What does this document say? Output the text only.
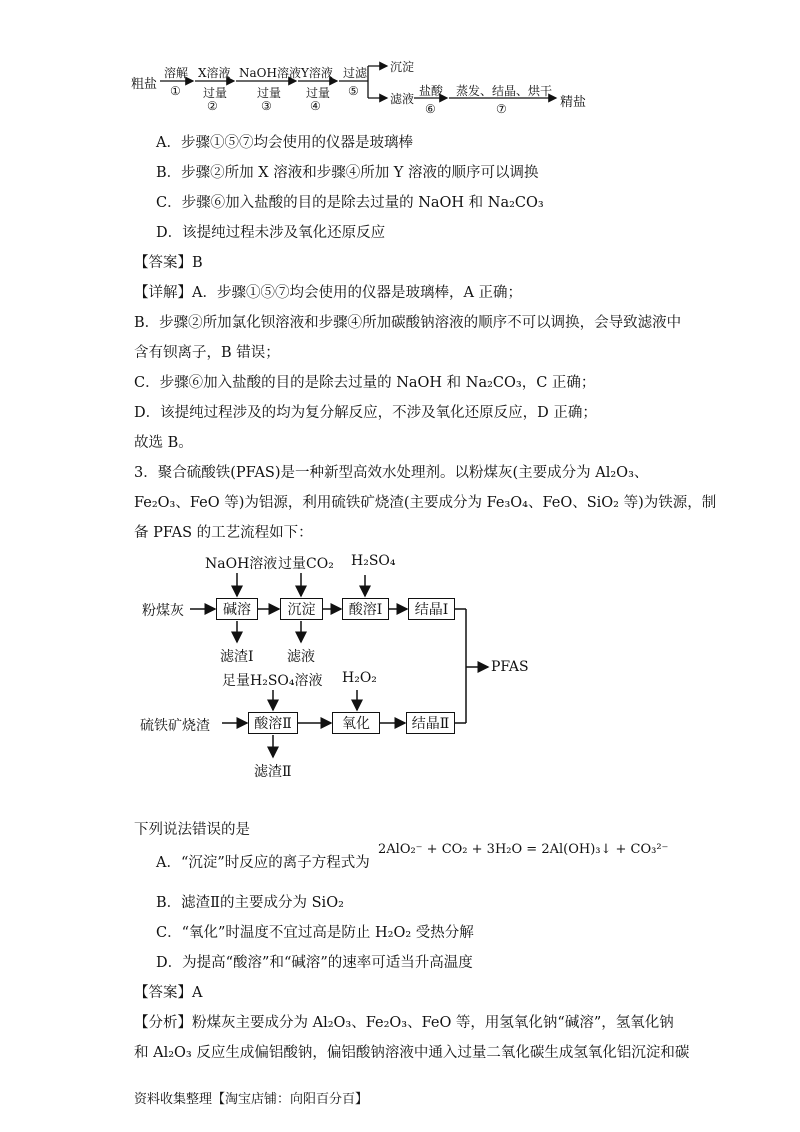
粗盐
溶解
①
X溶液
过量
②
NaOH溶液
过量
③
Y溶液
过量
④
过滤
⑤
沉淀
滤液
盐酸
⑥
蒸发、结晶、烘干
⑦	精盐
A．步骤①⑤⑦均会使用的仪器是玻璃棒
B．步骤②所加 X 溶液和步骤④所加 Y 溶液的顺序可以调换
C．步骤⑥加入盐酸的目的是除去过量的 NaOH 和 Na₂CO₃
D．该提纯过程未涉及氧化还原反应
【答案】B
【详解】A．步骤①⑤⑦均会使用的仪器是玻璃棒，A 正确；
B．步骤②所加氯化钡溶液和步骤④所加碳酸钠溶液的顺序不可以调换，会导致滤液中
含有钡离子，B 错误；
C．步骤⑥加入盐酸的目的是除去过量的 NaOH 和 Na₂CO₃，C 正确；
D．该提纯过程涉及的均为复分解反应，不涉及氧化还原反应，D 正确；
故选 B。
3．聚合硫酸铁(PFAS)是一种新型高效水处理剂。以粉煤灰(主要成分为 Al₂O₃、
Fe₂O₃、FeO 等)为铝源，利用硫铁矿烧渣(主要成分为 Fe₃O₄、FeO、SiO₂ 等)为铁源，制
备 PFAS 的工艺流程如下：
NaOH溶液 过量CO₂ H₂SO₄
粉煤灰	碱溶	沉淀	酸溶Ⅰ	结晶Ⅰ
滤渣Ⅰ 滤液
PFAS
足量H₂SO₄溶液 H₂O₂
硫铁矿烧渣	酸溶Ⅱ	氧化	结晶Ⅱ
滤渣Ⅱ
下列说法错误的是
A．“沉淀”时反应的离子方程式为
2AlO₂⁻ + CO₂ + 3H₂O = 2Al(OH)₃↓ + CO₃²⁻
B．滤渣Ⅱ的主要成分为 SiO₂
C．“氧化”时温度不宜过高是防止 H₂O₂ 受热分解
D．为提高“酸溶”和“碱溶”的速率可适当升高温度
【答案】A
【分析】粉煤灰主要成分为 Al₂O₃、Fe₂O₃、FeO 等，用氢氧化钠“碱溶”，氢氧化钠
和 Al₂O₃ 反应生成偏铝酸钠，偏铝酸钠溶液中通入过量二氧化碳生成氢氧化铝沉淀和碳
资料收集整理【淘宝店铺：向阳百分百】
